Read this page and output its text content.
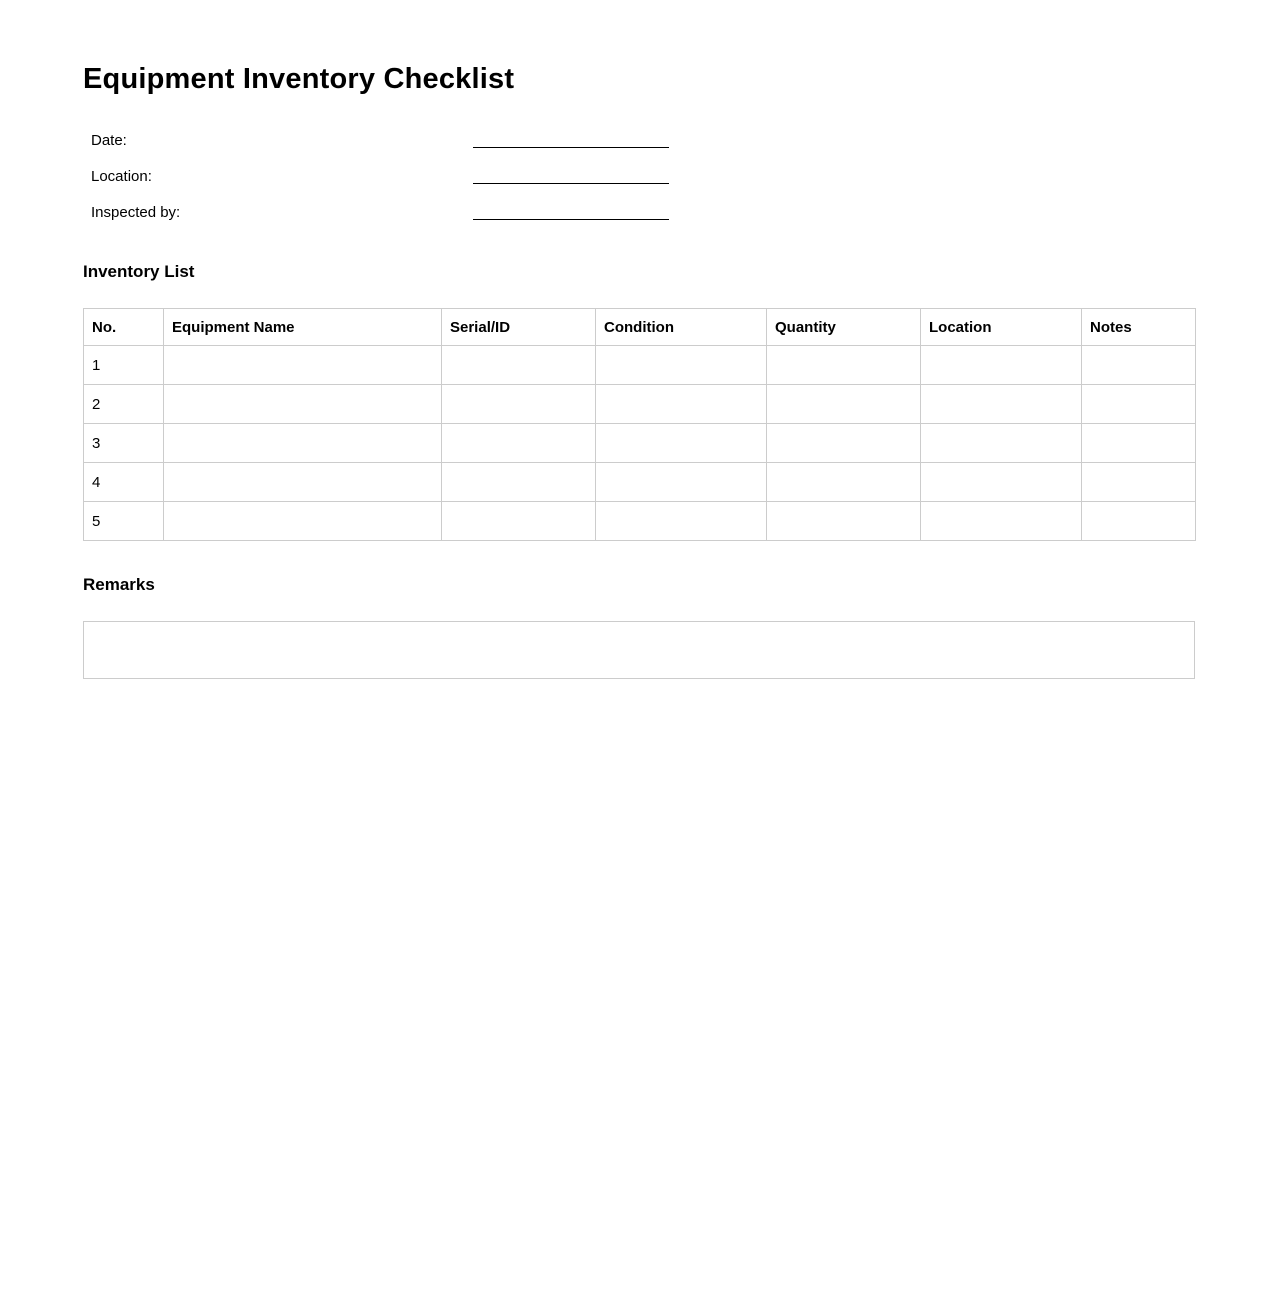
Equipment Inventory Checklist
Date:
Location:
Inspected by:
Inventory List
No.	Equipment Name	Serial/ID	Condition	Quantity	Location	Notes
1						
2						
3						
4						
5						
Remarks
